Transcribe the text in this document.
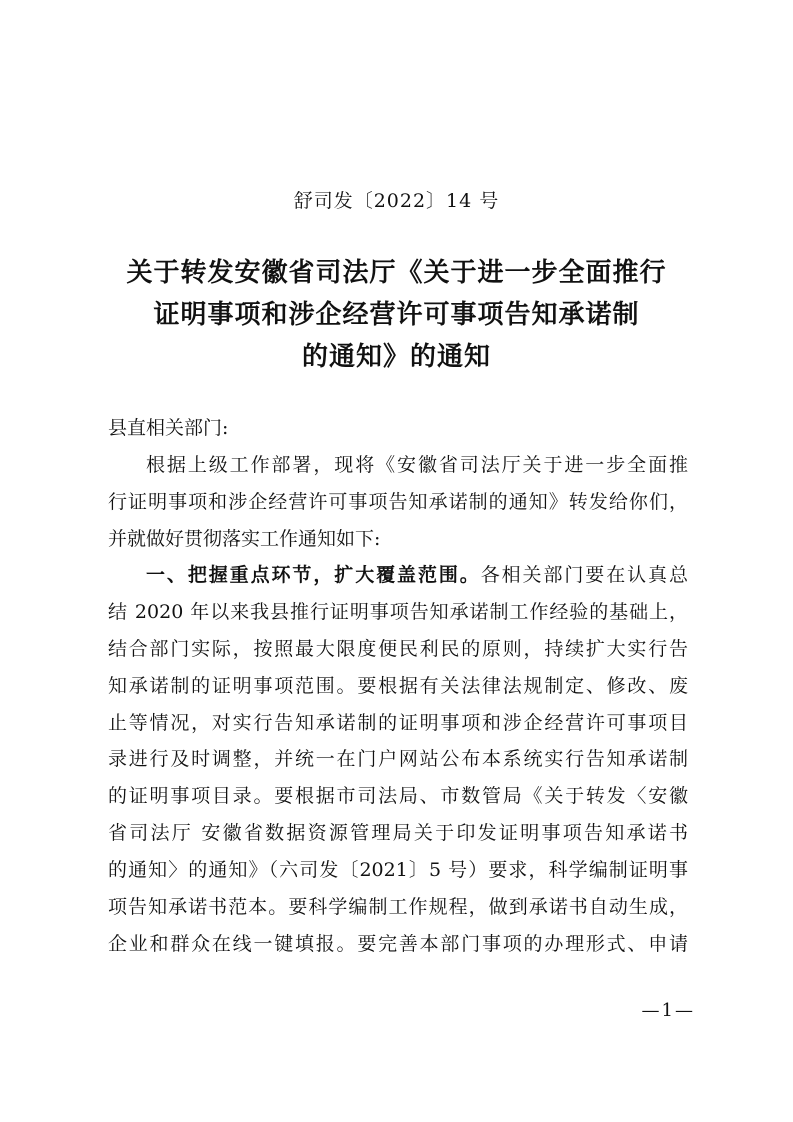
舒司发〔2022〕14 号
关于转发安徽省司法厅《关于进一步全面推行
证明事项和涉企经营许可事项告知承诺制
的通知》的通知
县直相关部门:
根据上级工作部署，现将《安徽省司法厅关于进一步全面推
行证明事项和涉企经营许可事项告知承诺制的通知》转发给你们，
并就做好贯彻落实工作通知如下:
一、把握重点环节，扩大覆盖范围。各相关部门要在认真总
结 2020 年以来我县推行证明事项告知承诺制工作经验的基础上，
结合部门实际，按照最大限度便民利民的原则，持续扩大实行告
知承诺制的证明事项范围。要根据有关法律法规制定、修改、废
止等情况，对实行告知承诺制的证明事项和涉企经营许可事项目
录进行及时调整，并统一在门户网站公布本系统实行告知承诺制
的证明事项目录。要根据市司法局、市数管局《关于转发〈安徽
省司法厅 安徽省数据资源管理局关于印发证明事项告知承诺书
的通知〉的通知》（六司发〔2021〕5 号）要求，科学编制证明事
项告知承诺书范本。要科学编制工作规程，做到承诺书自动生成，
企业和群众在线一键填报。要完善本部门事项的办理形式、申请
—1—
